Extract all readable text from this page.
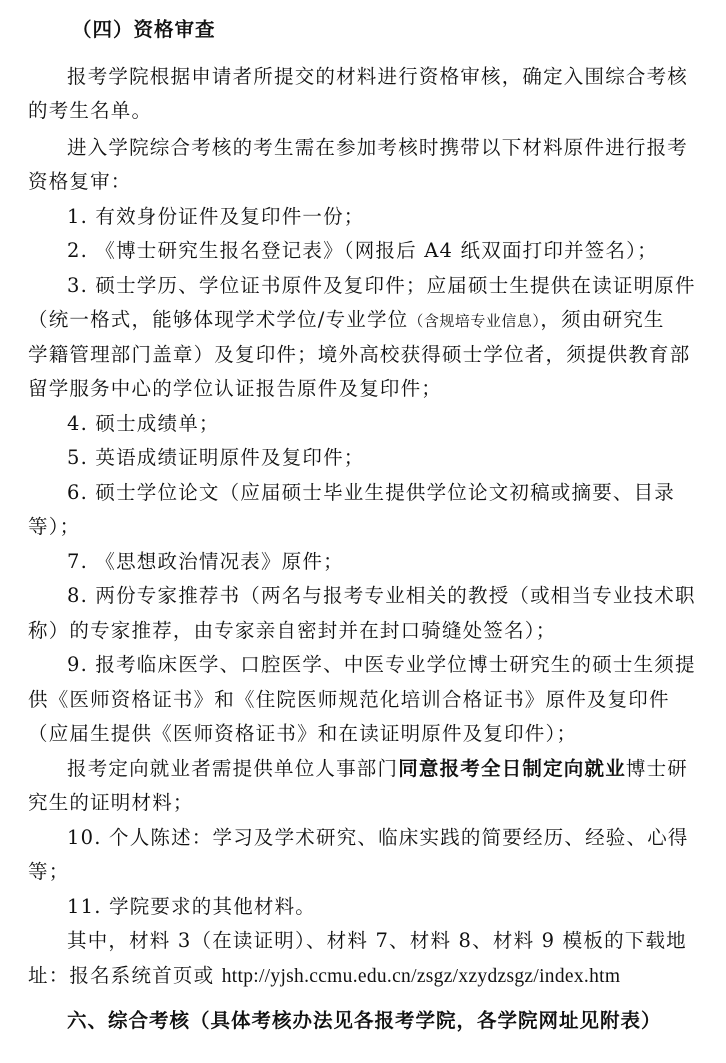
（四）资格审查
报考学院根据申请者所提交的材料进行资格审核，确定入围综合考核
的考生名单。
进入学院综合考核的考生需在参加考核时携带以下材料原件进行报考
资格复审：
1. 有效身份证件及复印件一份；
2. 《博士研究生报名登记表》（网报后 A4 纸双面打印并签名）；
3. 硕士学历、学位证书原件及复印件；应届硕士生提供在读证明原件
（统一格式，能够体现学术学位/专业学位（含规培专业信息），须由研究生
学籍管理部门盖章）及复印件；境外高校获得硕士学位者，须提供教育部
留学服务中心的学位认证报告原件及复印件；
4. 硕士成绩单；
5. 英语成绩证明原件及复印件；
6. 硕士学位论文（应届硕士毕业生提供学位论文初稿或摘要、目录
等）；
7. 《思想政治情况表》原件；
8. 两份专家推荐书（两名与报考专业相关的教授（或相当专业技术职
称）的专家推荐，由专家亲自密封并在封口骑缝处签名）；
9. 报考临床医学、口腔医学、中医专业学位博士研究生的硕士生须提
供《医师资格证书》和《住院医师规范化培训合格证书》原件及复印件
（应届生提供《医师资格证书》和在读证明原件及复印件）；
报考定向就业者需提供单位人事部门同意报考全日制定向就业博士研
究生的证明材料；
10. 个人陈述：学习及学术研究、临床实践的简要经历、经验、心得
等；
11. 学院要求的其他材料。
其中，材料 3（在读证明）、材料 7、材料 8、材料 9 模板的下载地
址：报名系统首页或 http://yjsh.ccmu.edu.cn/zsgz/xzydzsgz/index.htm
六、综合考核（具体考核办法见各报考学院，各学院网址见附表）
